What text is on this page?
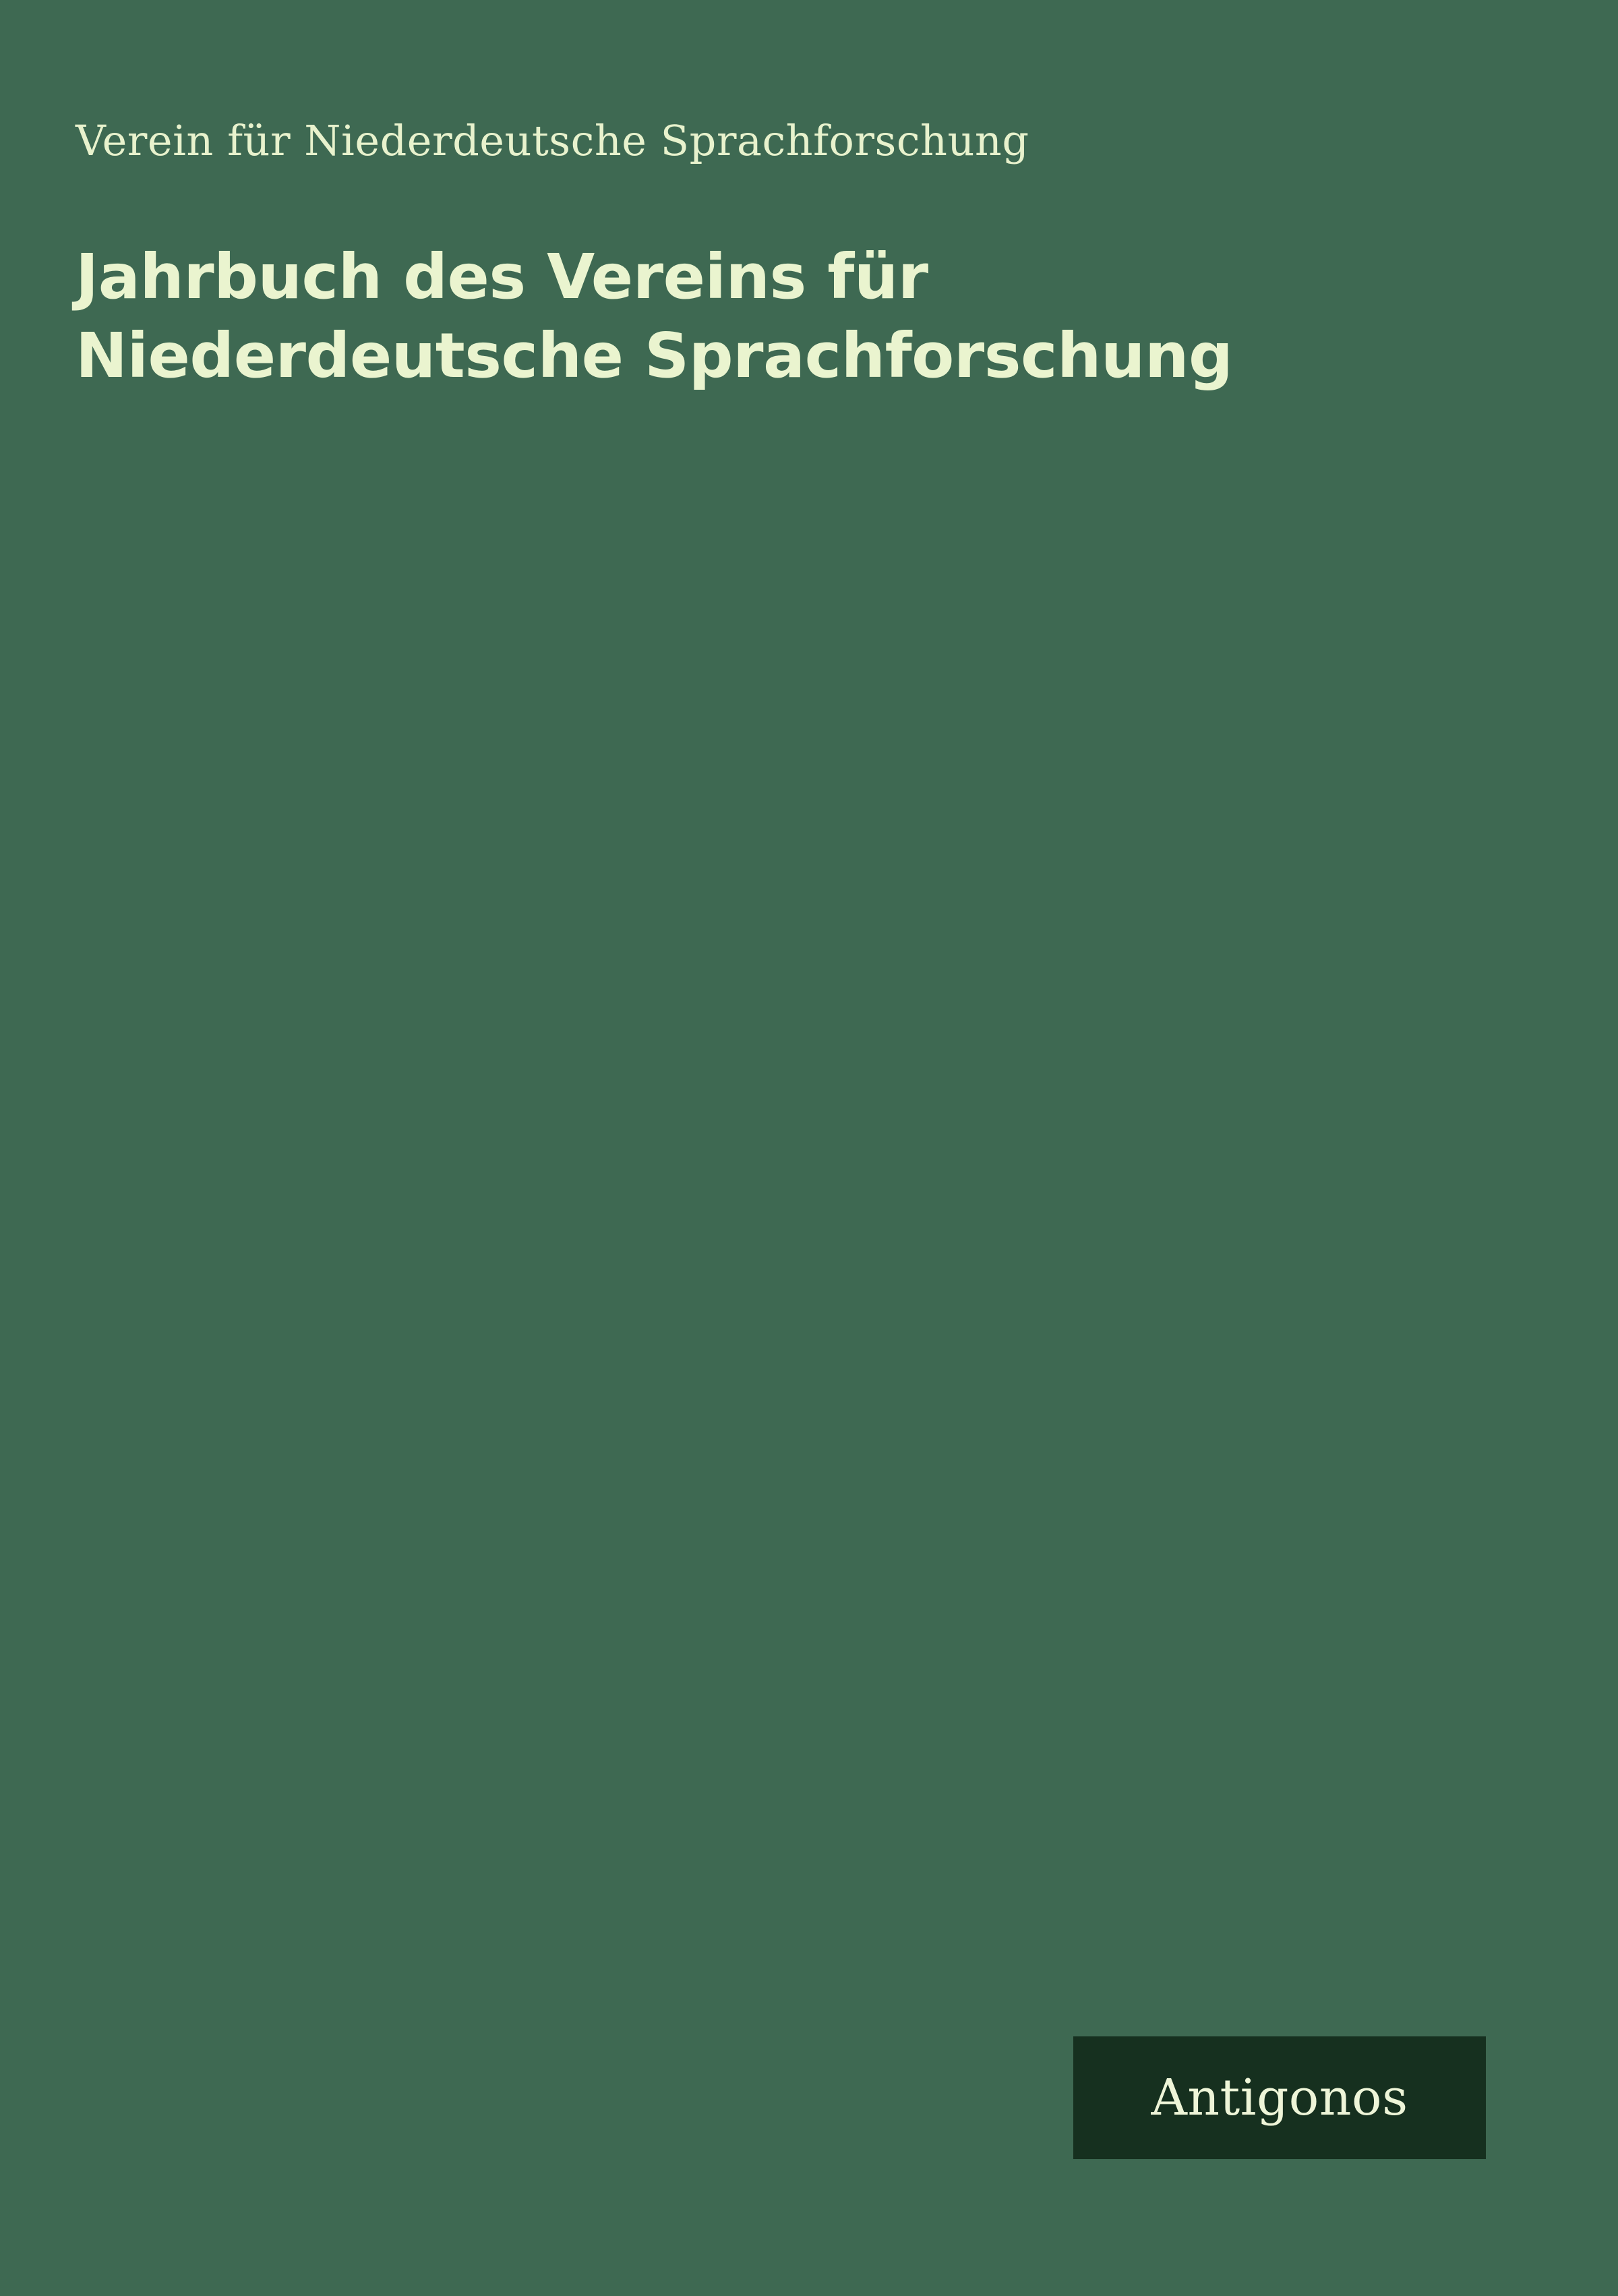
Verein für Niederdeutsche Sprachforschung

Jahrbuch des Vereins für Niederdeutsche Sprachforschung
Antigonos
